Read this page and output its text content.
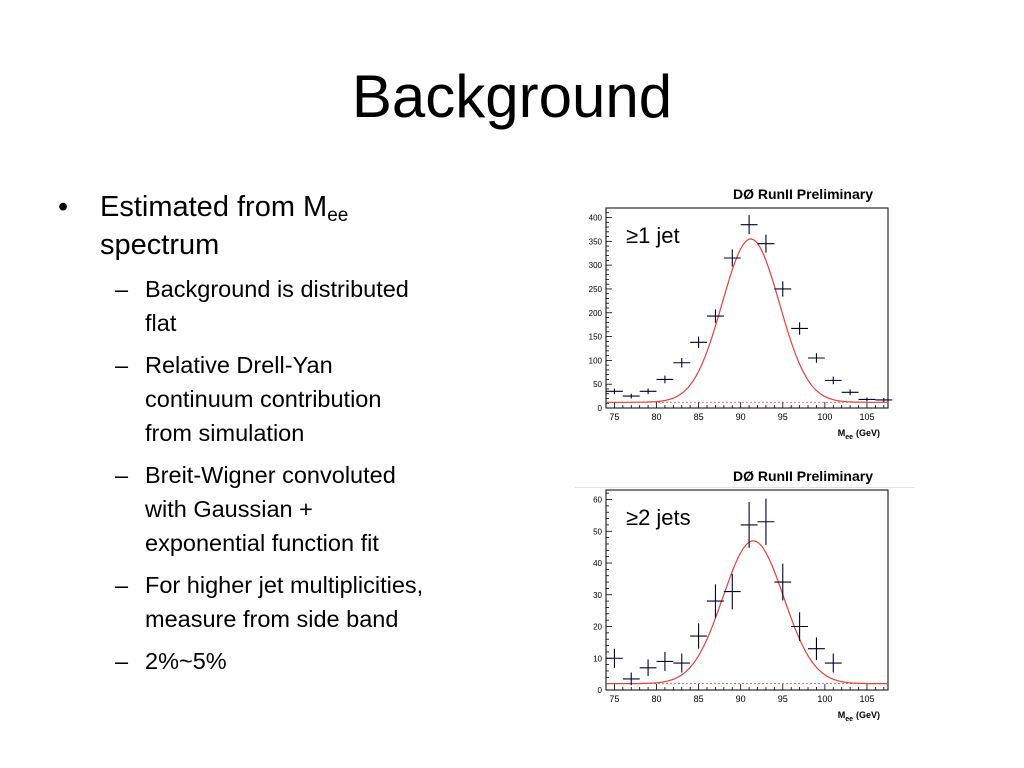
Background
• Estimated from $M_{ee}$
spectrum
– Background is distributed
flat
– Relative Drell-Yan
continuum contribution
from simulation
– Breit-Wigner convoluted
with Gaussian +
exponential function fit
– For higher jet multiplicities,
measure from side band
– 2%~5%
DØ RunII Preliminary
75	80	85	90	95	100	105
0
50
100
150
200
250
300
350
400
$M_{ee}$ (GeV)
≥1 jet
DØ RunII Preliminary
75	80	85	90	95	100	105
0
10
20
30
40
50
60
$M_{ee}$ (GeV)
≥2 jets
